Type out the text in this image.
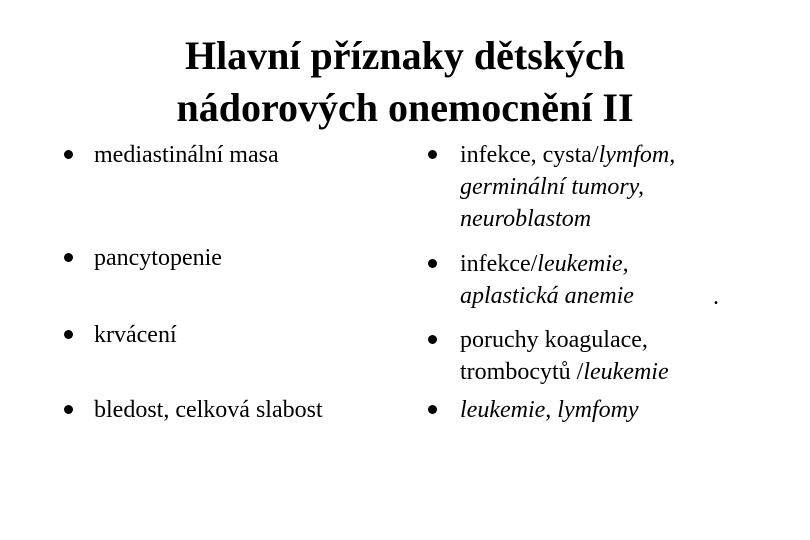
Hlavní příznaky dětských
nádorových onemocnění II
mediastinální masa
pancytopenie
krvácení
bledost, celková slabost
infekce, cysta/lymfom,
germinální tumory,
neuroblastom
infekce/leukemie,
aplastická anemie
poruchy koagulace,
trombocytů /leukemie
leukemie, lymfomy
.
